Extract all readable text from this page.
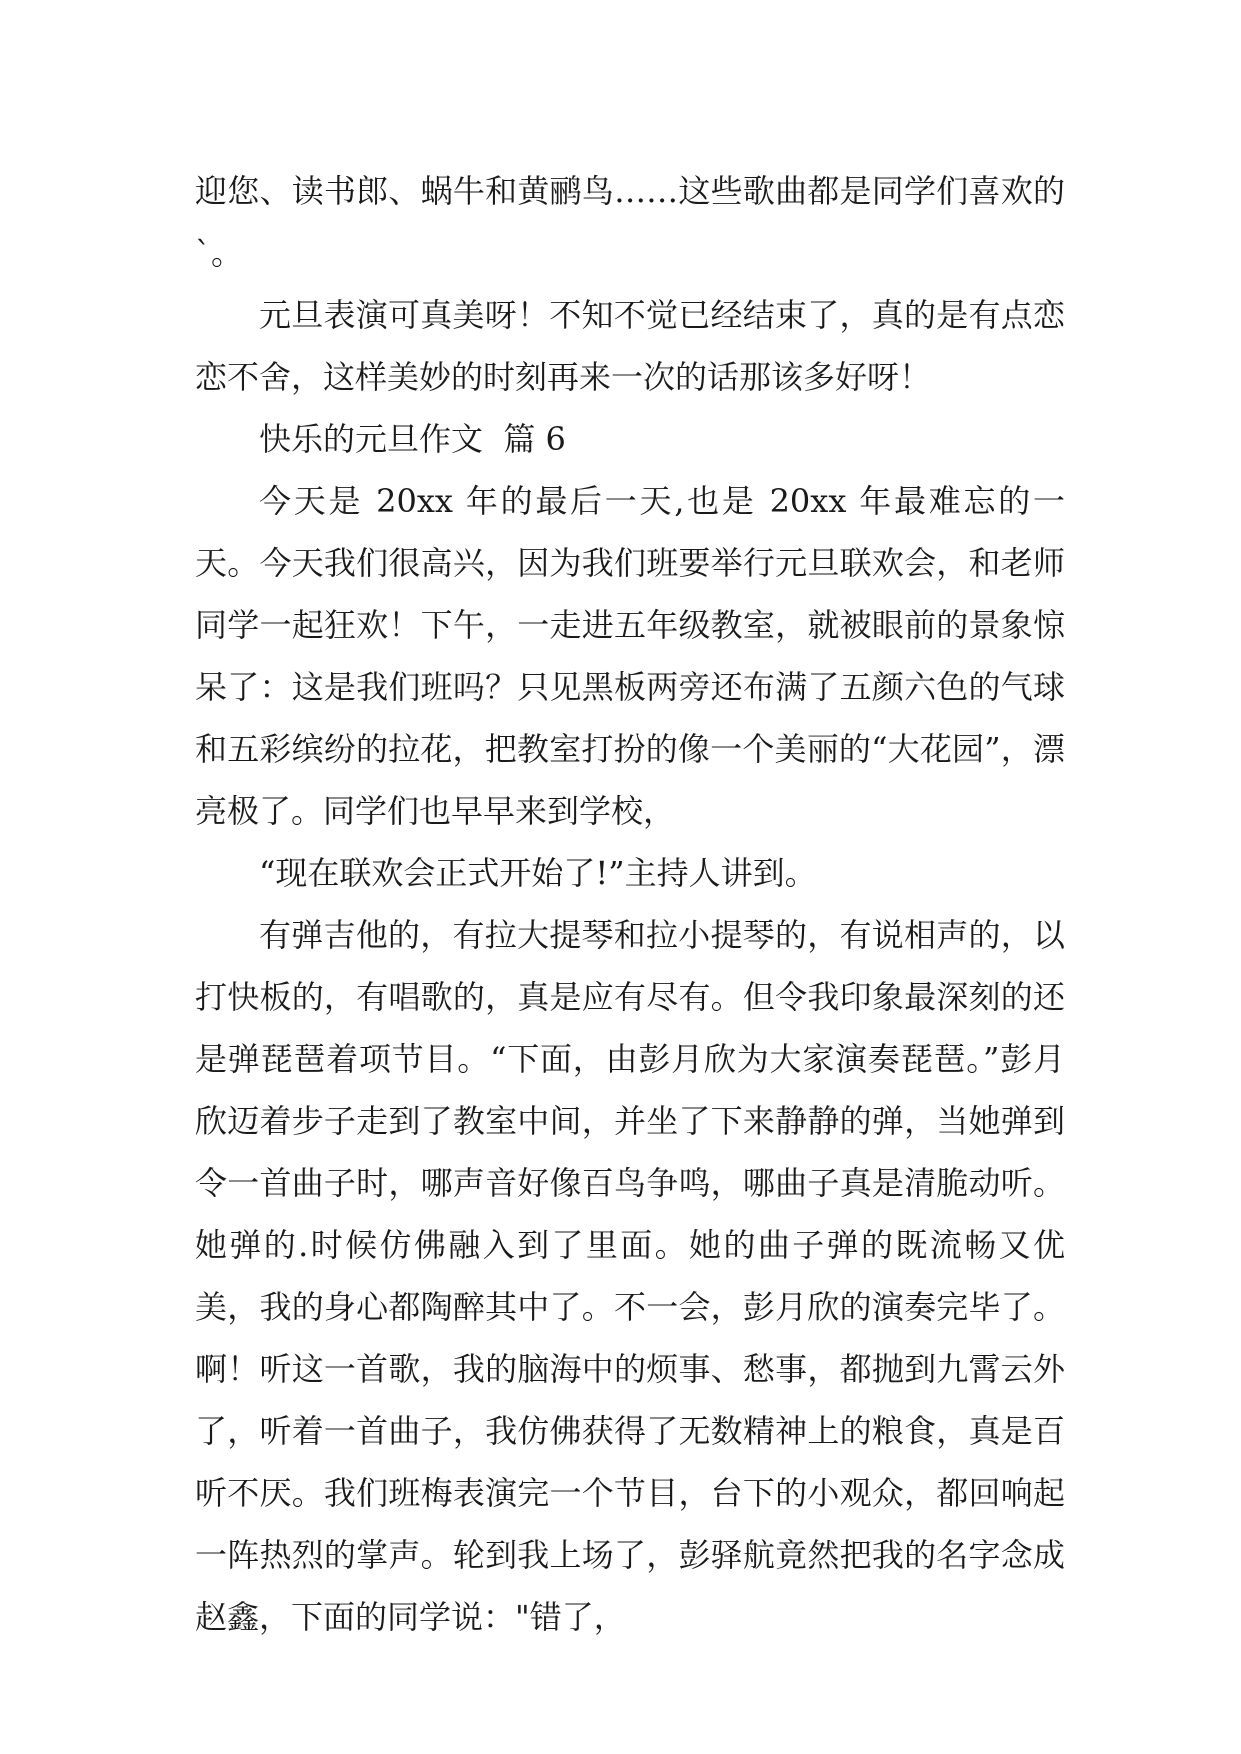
迎您、读书郎、蜗牛和黄鹂鸟……这些歌曲都是同学们喜欢的`。

元旦表演可真美呀！不知不觉已经结束了，真的是有点恋恋不舍，这样美妙的时刻再来一次的话那该多好呀！

快乐的元旦作文  篇 6

今天是 20xx 年的最后一天,也是 20xx 年最难忘的一天。今天我们很高兴，因为我们班要举行元旦联欢会，和老师同学一起狂欢！下午，一走进五年级教室，就被眼前的景象惊呆了：这是我们班吗？只见黑板两旁还布满了五颜六色的气球和五彩缤纷的拉花，把教室打扮的像一个美丽的“大花园”，漂亮极了。同学们也早早来到学校，

“现在联欢会正式开始了!”主持人讲到。

有弹吉他的，有拉大提琴和拉小提琴的，有说相声的，以打快板的，有唱歌的，真是应有尽有。但令我印象最深刻的还是弹琵琶着项节目。“下面，由彭月欣为大家演奏琵琶。”彭月欣迈着步子走到了教室中间，并坐了下来静静的弹，当她弹到令一首曲子时，哪声音好像百鸟争鸣，哪曲子真是清脆动听。她弹的.时候仿佛融入到了里面。她的曲子弹的既流畅又优美，我的身心都陶醉其中了。不一会，彭月欣的演奏完毕了。啊！听这一首歌，我的脑海中的烦事、愁事，都抛到九霄云外了，听着一首曲子，我仿佛获得了无数精神上的粮食，真是百听不厌。我们班梅表演完一个节目，台下的小观众，都回响起一阵热烈的掌声。轮到我上场了，彭驿航竟然把我的名字念成赵鑫，下面的同学说："错了，
